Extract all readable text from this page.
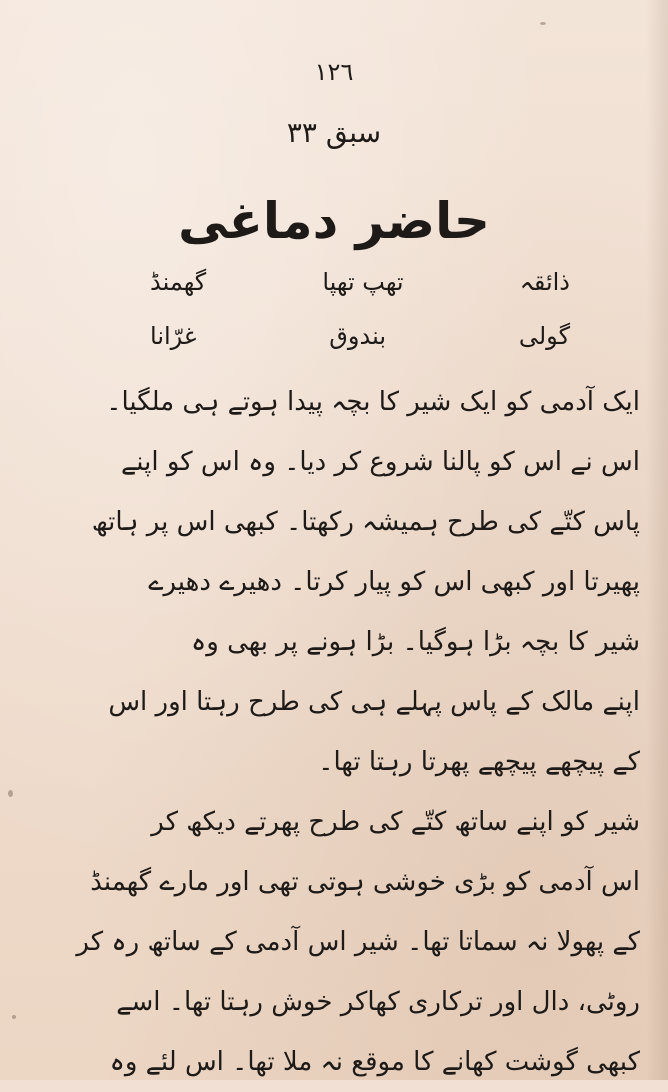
١٢٦
سبق ٣٣
حاضر دماغی
گھمنڈ	تھپ تھپا	ذائقہ
غرّانا	بندوق	گولی
ایک آدمی کو ایک شیر کا بچہ پیدا ہوتے ہی ملگیا۔
اس نے اس کو پالنا شروع کر دیا۔ وہ اس کو اپنے
پاس کتّے کی طرح ہمیشہ رکھتا۔ کبھی اس پر ہاتھ
پھیرتا اور کبھی اس کو پیار کرتا۔ دھیرے دھیرے
شیر کا بچہ بڑا ہوگیا۔ بڑا ہونے پر بھی وہ
اپنے مالک کے پاس پہلے ہی کی طرح رہتا اور اس
کے پیچھے پیچھے پھرتا رہتا تھا۔
شیر کو اپنے ساتھ کتّے کی طرح پھرتے دیکھ کر
اس آدمی کو بڑی خوشی ہوتی تھی اور مارے گھمنڈ
کے پھولا نہ سماتا تھا۔ شیر اس آدمی کے ساتھ رہ کر
روٹی، دال اور ترکاری کھاکر خوش رہتا تھا۔ اسے
کبھی گوشت کھانے کا موقع نہ ملا تھا۔ اس لئے وہ
